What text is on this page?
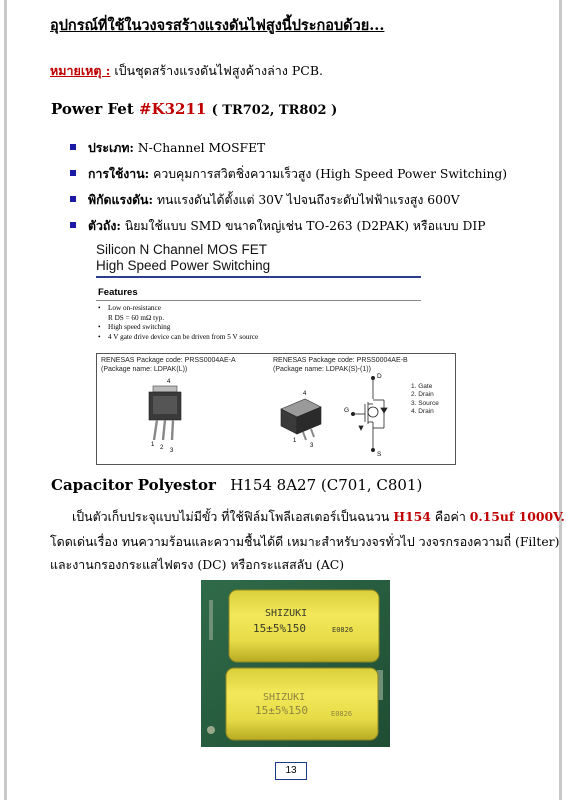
อุปกรณ์ที่ใช้ในวงจรสร้างแรงดันไฟสูงนี้ประกอบด้วย...
หมายเหตุ : เป็นชุดสร้างแรงดันไฟสูงค้างล่าง PCB.
Power Fet #K3211 ( TR702, TR802 )
ประเภท: N-Channel MOSFET
การใช้งาน: ควบคุมการสวิตชิ่งความเร็วสูง (High Speed Power Switching)
พิกัดแรงดัน: ทนแรงดันได้ตั้งแต่ 30V ไปจนถึงระดับไฟฟ้าแรงสูง 600V
ตัวถัง: นิยมใช้แบบ SMD ขนาดใหญ่เช่น TO-263 (D2PAK) หรือแบบ DIP
Silicon N Channel MOS FET
High Speed Power Switching
Features
• Low on-resistance
R DS = 60 mΩ typ.
• High speed switching
• 4 V gate drive device can be driven from 5 V source
RENESAS Package code: PRSS0004AE-A
(Package name: LDPAK(L))
RENESAS Package code: PRSS0004AE-B
(Package name: LDPAK(S)-(1))
4
1 2 3
4
1
3
D
G
S
1. Gate
2. Drain
3. Source
4. Drain
Capacitor Polyestor H154 8A27 (C701, C801)
เป็นตัวเก็บประจุแบบไม่มีขั้ว ที่ใช้ฟิล์มโพลีเอสเตอร์เป็นฉนวน H154 คือค่า 0.15uf 1000V.
โดดเด่นเรื่อง ทนความร้อนและความชื้นได้ดี เหมาะสำหรับวงจรทั่วไป วงจรกรองความถี่ (Filter)
และงานกรองกระแสไฟตรง (DC) หรือกระแสสลับ (AC)
SHIZUKI
15±5%150	E0826
SHIZUKI
15±5%150	E0826
13
